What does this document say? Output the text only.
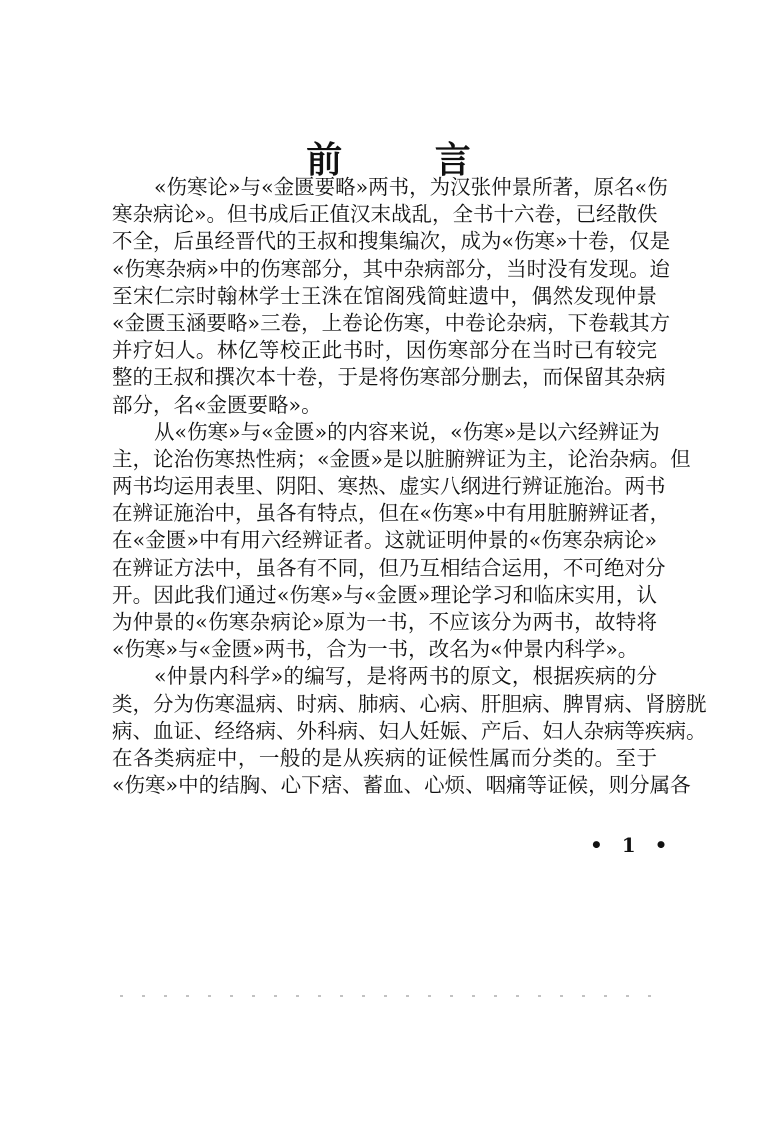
前 言
«伤寒论»与«金匮要略»两书，为汉张仲景所著，原名«伤
寒杂病论»。但书成后正值汉末战乱，全书十六卷，已经散佚
不全，后虽经晋代的王叔和搜集编次，成为«伤寒»十卷，仅是
«伤寒杂病»中的伤寒部分，其中杂病部分，当时没有发现。迨
至宋仁宗时翰林学士王洙在馆阁残简蛀遗中，偶然发现仲景
«金匮玉涵要略»三卷，上卷论伤寒，中卷论杂病，下卷载其方
并疗妇人。林亿等校正此书时，因伤寒部分在当时已有较完
整的王叔和撰次本十卷，于是将伤寒部分删去，而保留其杂病
部分，名«金匮要略»。
从«伤寒»与«金匮»的内容来说，«伤寒»是以六经辨证为
主，论治伤寒热性病；«金匮»是以脏腑辨证为主，论治杂病。但
两书均运用表里、阴阳、寒热、虚实八纲进行辨证施治。两书
在辨证施治中，虽各有特点，但在«伤寒»中有用脏腑辨证者，
在«金匮»中有用六经辨证者。这就证明仲景的«伤寒杂病论»
在辨证方法中，虽各有不同，但乃互相结合运用，不可绝对分
开。因此我们通过«伤寒»与«金匮»理论学习和临床实用，认
为仲景的«伤寒杂病论»原为一书，不应该分为两书，故特将
«伤寒»与«金匮»两书，合为一书，改名为«仲景内科学»。
«仲景内科学»的编写，是将两书的原文，根据疾病的分
类，分为伤寒温病、时病、肺病、心病、肝胆病、脾胃病、肾膀胱
病、血证、经络病、外科病、妇人妊娠、产后、妇人杂病等疾病。
在各类病症中，一般的是从疾病的证候性属而分类的。至于
«伤寒»中的结胸、心下痞、蓄血、心烦、咽痛等证候，则分属各
• 1 •
